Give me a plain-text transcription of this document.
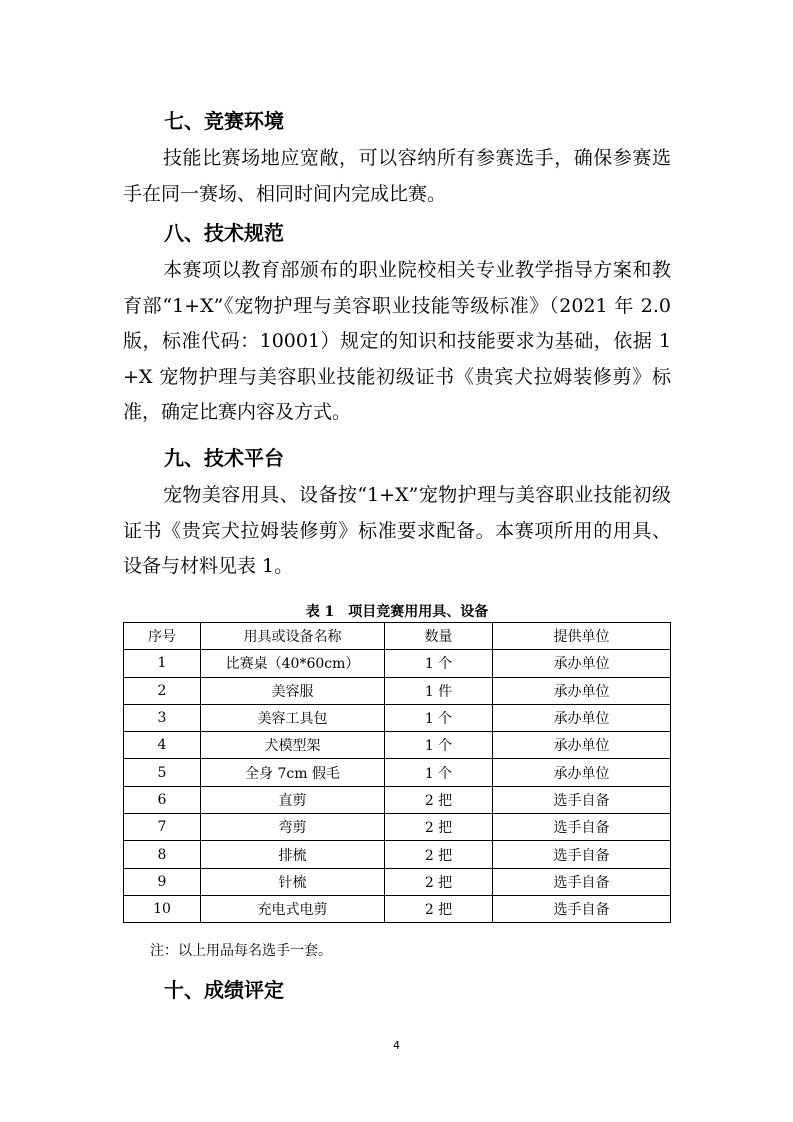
七、竞赛环境
技能比赛场地应宽敞，可以容纳所有参赛选手，确保参赛选手在同一赛场、相同时间内完成比赛。
八、技术规范
本赛项以教育部颁布的职业院校相关专业教学指导方案和教育部“1+X”《宠物护理与美容职业技能等级标准》（2021 年 2.0 版，标准代码：10001）规定的知识和技能要求为基础，依据 1+X 宠物护理与美容职业技能初级证书《贵宾犬拉姆装修剪》标准，确定比赛内容及方式。
九、技术平台
宠物美容用具、设备按“1+X”宠物护理与美容职业技能初级证书《贵宾犬拉姆装修剪》标准要求配备。本赛项所用的用具、设备与材料见表 1。
表 1　项目竞赛用用具、设备
序号	用具或设备名称	数量	提供单位
1	比赛桌（40*60cm）	1 个	承办单位
2	美容服	1 件	承办单位
3	美容工具包	1 个	承办单位
4	犬模型架	1 个	承办单位
5	全身 7cm 假毛	1 个	承办单位
6	直剪	2 把	选手自备
7	弯剪	2 把	选手自备
8	排梳	2 把	选手自备
9	针梳	2 把	选手自备
10	充电式电剪	2 把	选手自备
注：以上用品每名选手一套。
十、成绩评定
4
